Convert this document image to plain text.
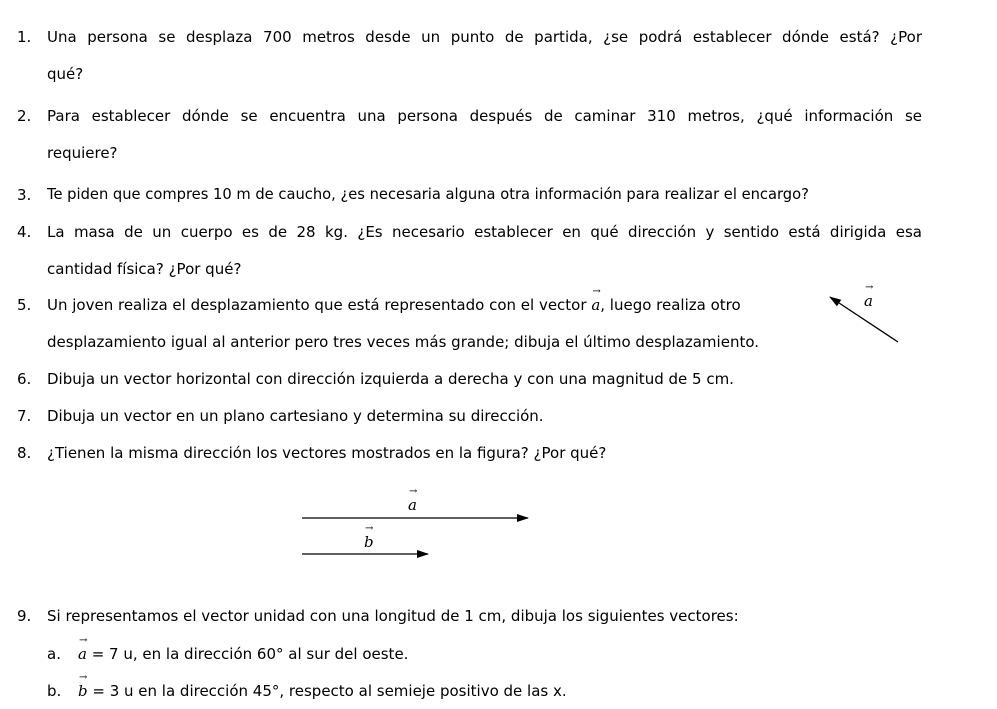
1. Una persona se desplaza 700 metros desde un punto de partida, ¿se podrá establecer dónde está? ¿Por
qué?
2. Para establecer dónde se encuentra una persona después de caminar 310 metros, ¿qué información se
requiere?
3. Te piden que compres 10 m de caucho, ¿es necesaria alguna otra información para realizar el encargo?
4. La masa de un cuerpo es de 28 kg. ¿Es necesario establecer en qué dirección y sentido está dirigida esa
cantidad física? ¿Por qué?
5. Un joven realiza el desplazamiento que está representado con el vector
→
a, luego realiza otro
desplazamiento igual al anterior pero tres veces más grande; dibuja el último desplazamiento.
→
a
6. Dibuja un vector horizontal con dirección izquierda a derecha y con una magnitud de 5 cm.
7. Dibuja un vector en un plano cartesiano y determina su dirección.
8. ¿Tienen la misma dirección los vectores mostrados en la figura? ¿Por qué?
→
a
→
b
9. Si representamos el vector unidad con una longitud de 1 cm, dibuja los siguientes vectores:
a.
→
a = 7 u, en la dirección 60° al sur del oeste.
b.
→
b = 3 u en la dirección 45°, respecto al semieje positivo de las x.
